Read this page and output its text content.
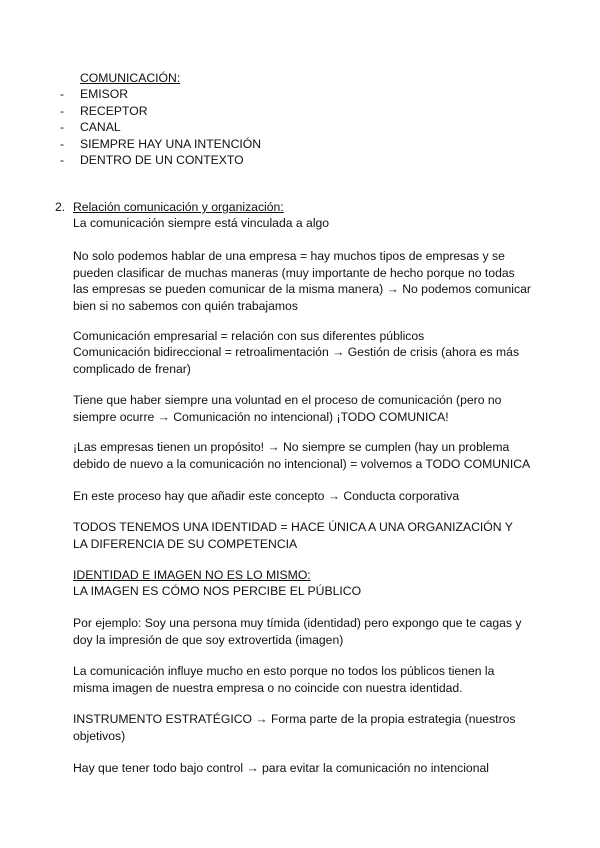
COMUNICACIÓN:
- EMISOR
- RECEPTOR
- CANAL
- SIEMPRE HAY UNA INTENCIÓN
- DENTRO DE UN CONTEXTO
2. Relación comunicación y organización:
La comunicación siempre está vinculada a algo

No solo podemos hablar de una empresa = hay muchos tipos de empresas y se pueden clasificar de muchas maneras (muy importante de hecho porque no todas las empresas se pueden comunicar de la misma manera) → No podemos comunicar bien si no sabemos con quién trabajamos

Comunicación empresarial = relación con sus diferentes públicos

Comunicación bidireccional = retroalimentación → Gestión de crisis (ahora es más complicado de frenar)

Tiene que haber siempre una voluntad en el proceso de comunicación (pero no siempre ocurre → Comunicación no intencional) ¡TODO COMUNICA!

¡Las empresas tienen un propósito! → No siempre se cumplen (hay un problema debido de nuevo a la comunicación no intencional) = volvemos a TODO COMUNICA

En este proceso hay que añadir este concepto → Conducta corporativa

TODOS TENEMOS UNA IDENTIDAD = HACE ÚNICA A UNA ORGANIZACIÓN Y LA DIFERENCIA DE SU COMPETENCIA

IDENTIDAD E IMAGEN NO ES LO MISMO:

LA IMAGEN ES CÓMO NOS PERCIBE EL PÚBLICO

Por ejemplo: Soy una persona muy tímida (identidad) pero expongo que te cagas y doy la impresión de que soy extrovertida (imagen)

La comunicación influye mucho en esto porque no todos los públicos tienen la misma imagen de nuestra empresa o no coincide con nuestra identidad.

INSTRUMENTO ESTRATÉGICO → Forma parte de la propia estrategia (nuestros objetivos)

Hay que tener todo bajo control → para evitar la comunicación no intencional
